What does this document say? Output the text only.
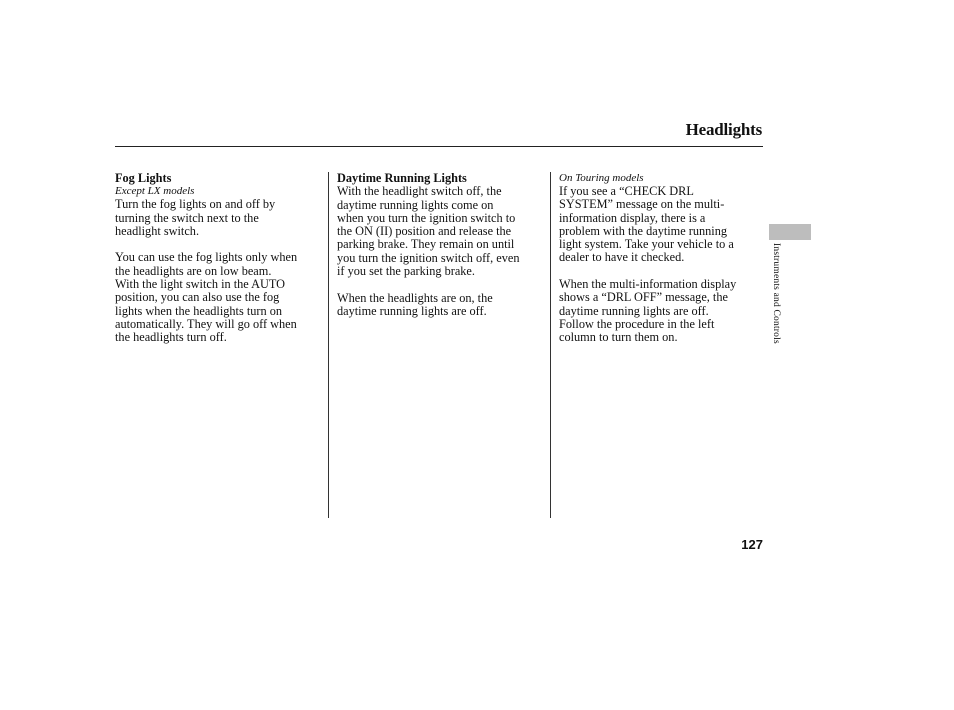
Headlights
Fog Lights
Except LX models

Turn the fog lights on and off by
turning the switch next to the
headlight switch.

You can use the fog lights only when
the headlights are on low beam.
With the light switch in the AUTO
position, you can also use the fog
lights when the headlights turn on
automatically. They will go off when
the headlights turn off.

Daytime Running Lights

With the headlight switch off, the
daytime running lights come on
when you turn the ignition switch to
the ON (II) position and release the
parking brake. They remain on until
you turn the ignition switch off, even
if you set the parking brake.

When the headlights are on, the
daytime running lights are off.

On Touring models

If you see a “CHECK DRL
SYSTEM” message on the multi-
information display, there is a
problem with the daytime running
light system. Take your vehicle to a
dealer to have it checked.

When the multi-information display
shows a “DRL OFF” message, the
daytime running lights are off.
Follow the procedure in the left
column to turn them on.	Instruments and Controls
127
